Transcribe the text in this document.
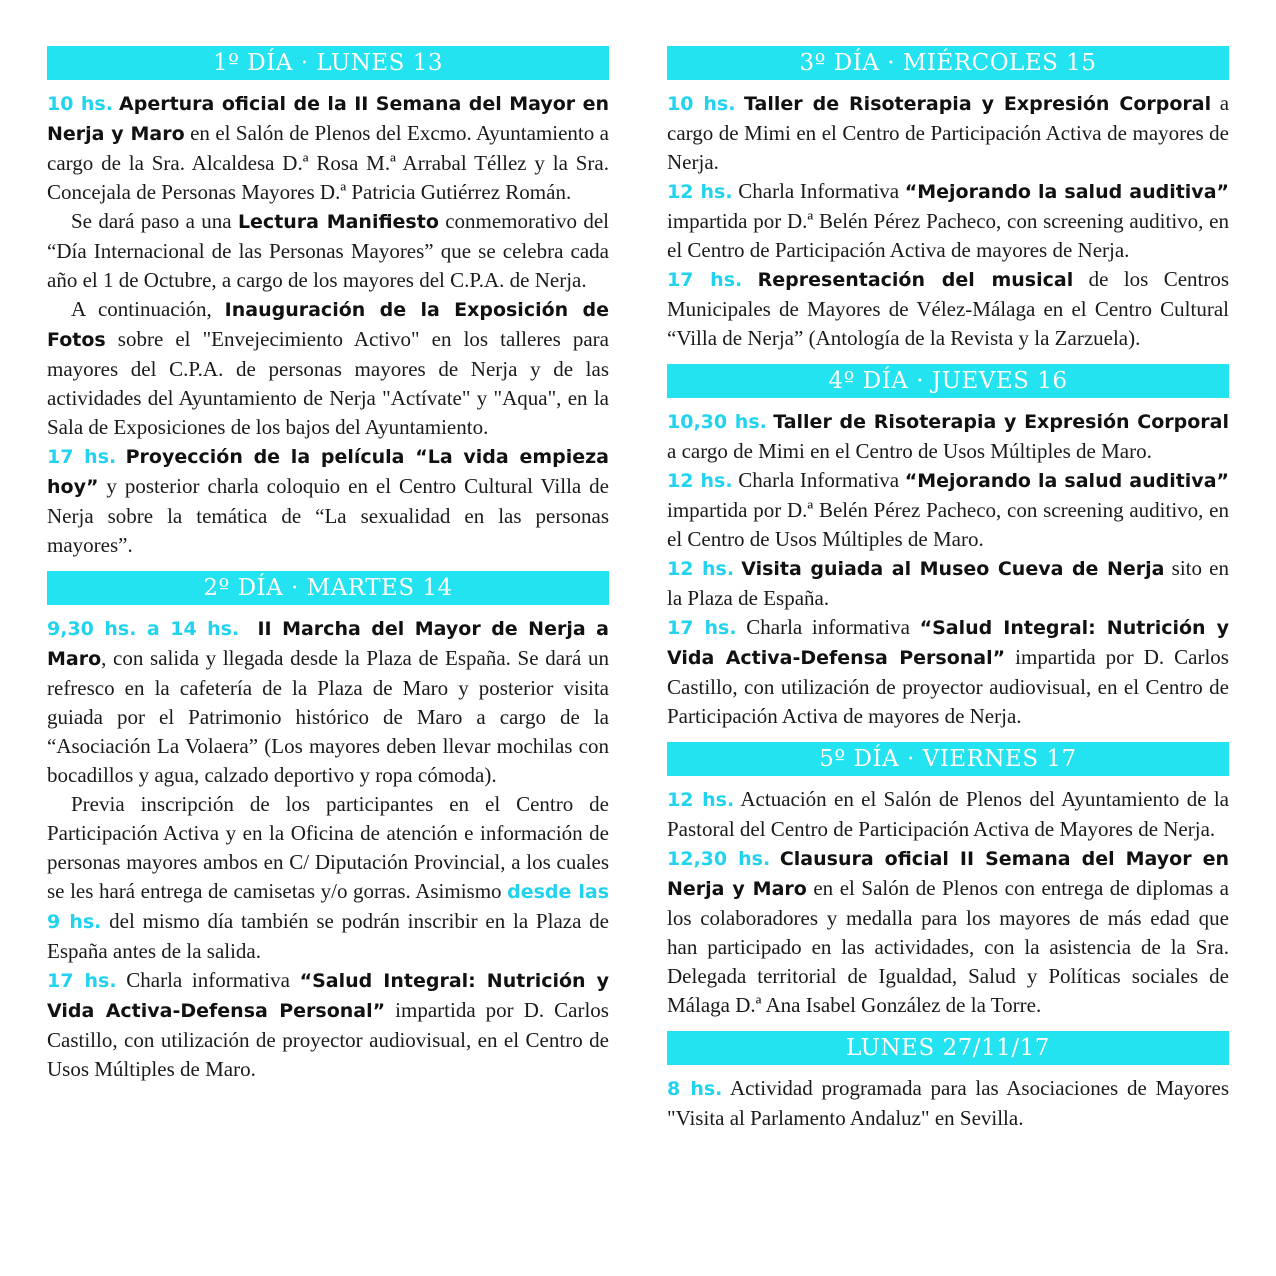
1º DÍA · LUNES 13

10 hs. Apertura oficial de la II Semana del Mayor en Nerja y Maro en el Salón de Plenos del Excmo. Ayuntamiento a cargo de la Sra. Alcaldesa D.ª Rosa M.ª Arrabal Téllez y la Sra. Concejala de Personas Mayores D.ª Patricia Gutiérrez Román.

Se dará paso a una Lectura Manifiesto conmemorativo del “Día Internacional de las Personas Mayores” que se celebra cada año el 1 de Octubre, a cargo de los mayores del C.P.A. de Nerja.

A continuación, Inauguración de la Exposición de Fotos sobre el "Envejecimiento Activo" en los talleres para mayores del C.P.A. de personas mayores de Nerja y de las actividades del Ayuntamiento de Nerja "Actívate" y "Aqua", en la Sala de Exposiciones de los bajos del Ayuntamiento.

17 hs. Proyección de la película “La vida empieza hoy” y posterior charla coloquio en el Centro Cultural Villa de Nerja sobre la temática de “La sexualidad en las personas mayores”.

2º DÍA · MARTES 14

9,30 hs. a 14 hs. II Marcha del Mayor de Nerja a Maro, con salida y llegada desde la Plaza de España. Se dará un refresco en la cafetería de la Plaza de Maro y posterior visita guiada por el Patrimonio histórico de Maro a cargo de la “Asociación La Volaera” (Los mayores deben llevar mochilas con bocadillos y agua, calzado deportivo y ropa cómoda).

Previa inscripción de los participantes en el Centro de Participación Activa y en la Oficina de atención e información de personas mayores ambos en C/ Diputación Provincial, a los cuales se les hará entrega de camisetas y/o gorras. Asimismo desde las 9 hs. del mismo día también se podrán inscribir en la Plaza de España antes de la salida.

17 hs. Charla informativa “Salud Integral: Nutrición y Vida Activa-Defensa Personal” impartida por D. Carlos Castillo, con utilización de proyector audiovisual, en el Centro de Usos Múltiples de Maro.

3º DÍA · MIÉRCOLES 15

10 hs. Taller de Risoterapia y Expresión Corporal a cargo de Mimi en el Centro de Participación Activa de mayores de Nerja.

12 hs. Charla Informativa “Mejorando la salud auditiva” impartida por D.ª Belén Pérez Pacheco, con screening auditivo, en el Centro de Participación Activa de mayores de Nerja.

17 hs. Representación del musical de los Centros Municipales de Mayores de Vélez-Málaga en el Centro Cultural “Villa de Nerja” (Antología de la Revista y la Zarzuela).

4º DÍA · JUEVES 16

10,30 hs. Taller de Risoterapia y Expresión Corporal a cargo de Mimi en el Centro de Usos Múltiples de Maro.

12 hs. Charla Informativa “Mejorando la salud auditiva” impartida por D.ª Belén Pérez Pacheco, con screening auditivo, en el Centro de Usos Múltiples de Maro.

12 hs. Visita guiada al Museo Cueva de Nerja sito en la Plaza de España.

17 hs. Charla informativa “Salud Integral: Nutrición y Vida Activa-Defensa Personal” impartida por D. Carlos Castillo, con utilización de proyector audiovisual, en el Centro de Participación Activa de mayores de Nerja.

5º DÍA · VIERNES 17

12 hs. Actuación en el Salón de Plenos del Ayuntamiento de la Pastoral del Centro de Participación Activa de Mayores de Nerja.

12,30 hs. Clausura oficial II Semana del Mayor en Nerja y Maro en el Salón de Plenos con entrega de diplomas a los colaboradores y medalla para los mayores de más edad que han participado en las actividades, con la asistencia de la Sra. Delegada territorial de Igualdad, Salud y Políticas sociales de Málaga D.ª Ana Isabel González de la Torre.

LUNES 27/11/17

8 hs. Actividad programada para las Asociaciones de Mayores "Visita al Parlamento Andaluz" en Sevilla.
